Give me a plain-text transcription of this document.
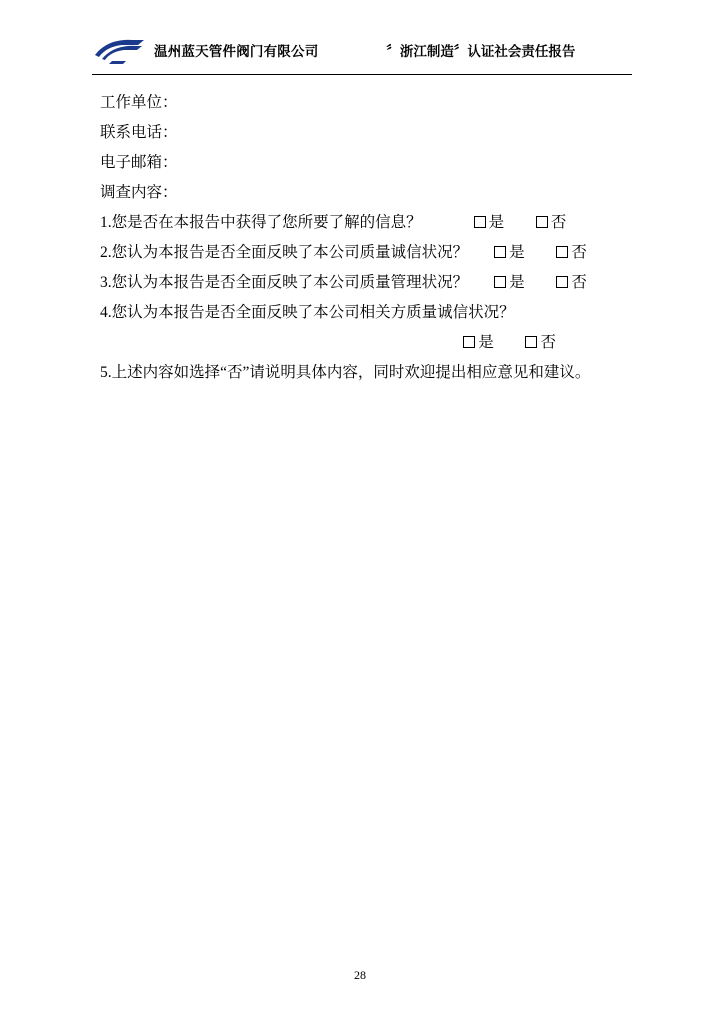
温州蓝天管件阀门有限公司	〞浙江制造〞认证社会责任报告
工作单位：
联系电话：
电子邮箱：
调查内容：
1.您是否在本报告中获得了您所要了解的信息？	是	否
2.您认为本报告是否全面反映了本公司质量诚信状况？	是	否
3.您认为本报告是否全面反映了本公司质量管理状况？	是	否
4.您认为本报告是否全面反映了本公司相关方质量诚信状况？
是	否
5.上述内容如选择“否”请说明具体内容，同时欢迎提出相应意见和建议。
28
